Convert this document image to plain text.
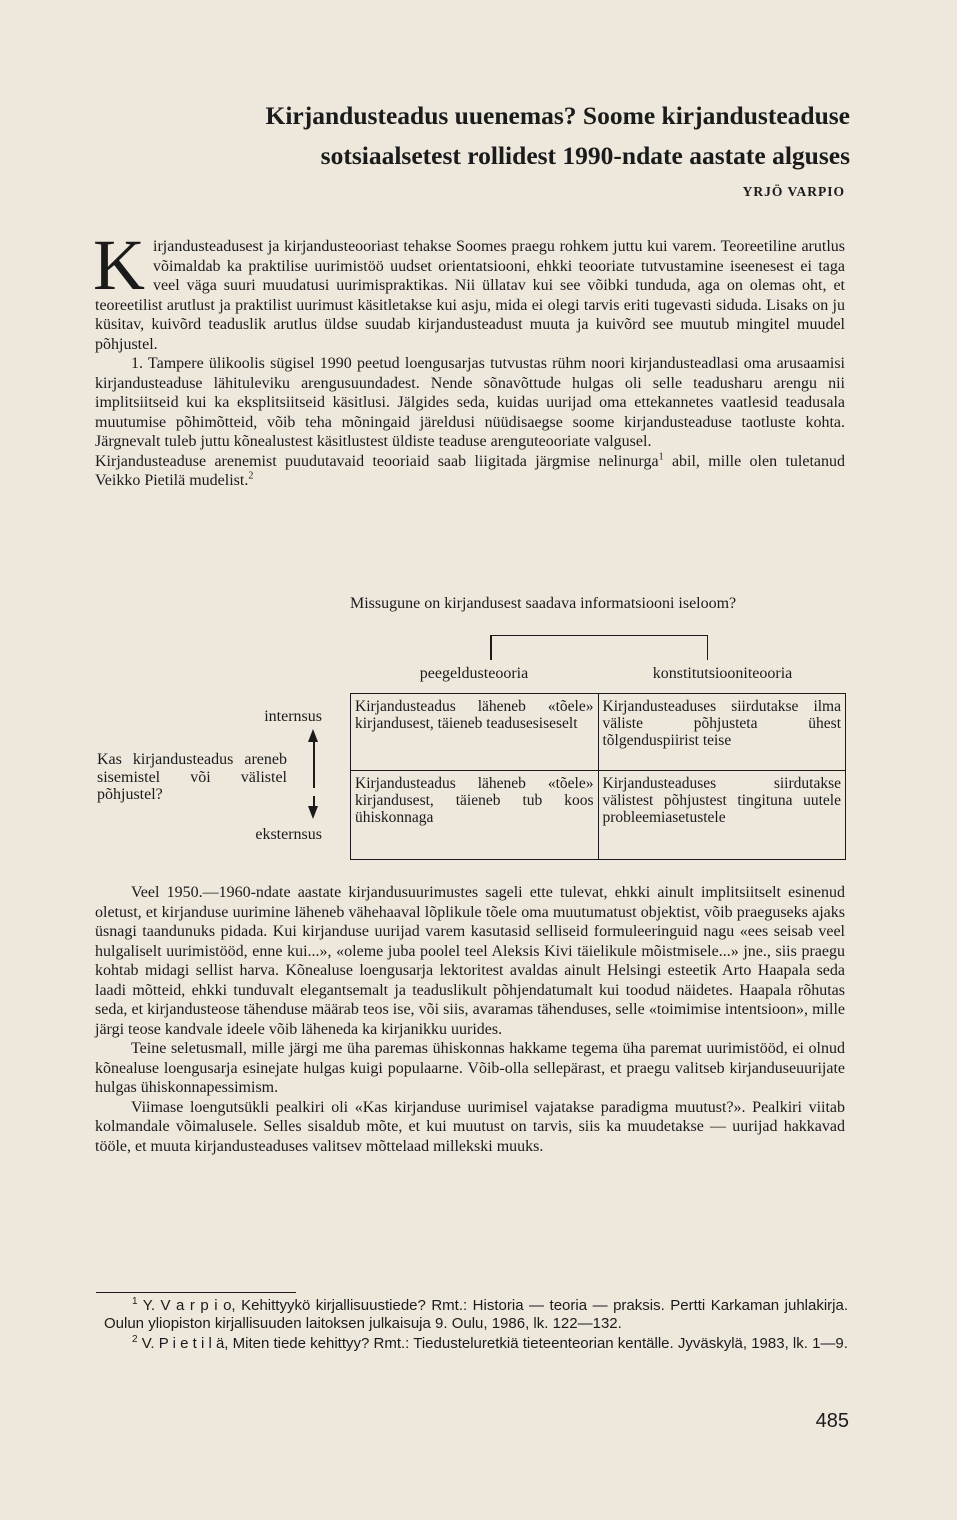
Kirjandusteadus uuenemas? Soome kirjandusteaduse
sotsiaalsetest rollidest 1990-ndate aastate alguses
YRJÖ VARPIO

Kirjandusteadusest ja kirjandusteooriast tehakse Soomes praegu rohkem juttu kui varem. Teoreetiline arutlus võimaldab ka praktilise uurimistöö uudset orientatsiooni, ehkki teooriate tutvustamine iseenesest ei taga veel väga suuri muudatusi uurimispraktikas. Nii üllatav kui see võibki tunduda, aga on olemas oht, et teoreetilist arutlust ja praktilist uurimust käsitletakse kui asju, mida ei olegi tarvis eriti tugevasti siduda. Lisaks on ju küsitav, kuivõrd teaduslik arutlus üldse suudab kirjandusteadust muuta ja kuivõrd see muutub mingitel muudel põhjustel.

1. Tampere ülikoolis sügisel 1990 peetud loengusarjas tutvustas rühm noori kirjandusteadlasi oma arusaamisi kirjandusteaduse lähituleviku arengusuundadest. Nende sõnavõttude hulgas oli selle teadusharu arengu nii implitsiitseid kui ka eksplitsiitseid käsitlusi. Jälgides seda, kuidas uurijad oma ettekannetes vaatlesid teadusala muutumise põhimõtteid, võib teha mõningaid järeldusi nüüdisaegse soome kirjandusteaduse taotluste kohta. Järgnevalt tuleb juttu kõnealustest käsitlustest üldiste teaduse arenguteooriate valgusel.

Kirjandusteaduse arenemist puudutavaid teooriaid saab liigitada järgmise nelinurga$^1$ abil, mille olen tuletanud Veikko Pietilä mudelist.$^2$

Missugune on kirjandusest saadava informatsiooni iseloom?
peegeldusteooria	konstitutsiooniteooria
Kirjandusteadus läheneb «tõele» kirjandusest, täieneb teadusesiseselt	Kirjandusteaduses siirdutakse ilma väliste põhjusteta ühest tõlgenduspiirist teise
Kirjandusteadus läheneb «tõele» kirjandusest, täieneb tub koos ühiskonnaga	Kirjandusteaduses siirdutakse välistest põhjustest tingituna uutele probleemiasetustele
internsus
Kas kirjandusteadus areneb sisemistel või välistel põhjustel?
eksternsus

Veel 1950.—1960-ndate aastate kirjandusuurimustes sageli ette tulevat, ehkki ainult implitsiitselt esinenud oletust, et kirjanduse uurimine läheneb vähehaaval lõplikule tõele oma muutumatust objektist, võib praeguseks ajaks üsnagi taandunuks pidada. Kui kirjanduse uurijad varem kasutasid selliseid formuleeringuid nagu «ees seisab veel hulgaliselt uurimistööd, enne kui...», «oleme juba poolel teel Aleksis Kivi täielikule mõistmisele...» jne., siis praegu kohtab midagi sellist harva. Kõnealuse loengusarja lektoritest avaldas ainult Helsingi esteetik Arto Haapala seda laadi mõtteid, ehkki tunduvalt elegantsemalt ja teaduslikult põhjendatumalt kui toodud näidetes. Haapala rõhutas seda, et kirjandusteose tähenduse määrab teos ise, või siis, avaramas tähenduses, selle «toimimise intentsioon», mille järgi teose kandvale ideele võib läheneda ka kirjanikku uurides.

Teine seletusmall, mille järgi me üha paremas ühiskonnas hakkame tegema üha paremat uurimistööd, ei olnud kõnealuse loengusarja esinejate hulgas kuigi populaarne. Võib-olla sellepärast, et praegu valitseb kirjanduseuurijate hulgas ühiskonnapessimism.

Viimase loengutsükli pealkiri oli «Kas kirjanduse uurimisel vajatakse paradigma muutust?». Pealkiri viitab kolmandale võimalusele. Selles sisaldub mõte, et kui muutust on tarvis, siis ka muudetakse — uurijad hakkavad tööle, et muuta kirjandusteaduses valitsev mõttelaad millekski muuks.

$^1$ Y. V a r p i o, Kehittyykö kirjallisuustiede? Rmt.: Historia — teoria — praksis. Pertti Karkaman juhlakirja. Oulun yliopiston kirjallisuuden laitoksen julkaisuja 9. Oulu, 1986, lk. 122—132.

$^2$ V. P i e t i l ä, Miten tiede kehittyy? Rmt.: Tiedusteluretkiä tieteenteorian kentälle. Jyväskylä, 1983, lk. 1—9.

485
